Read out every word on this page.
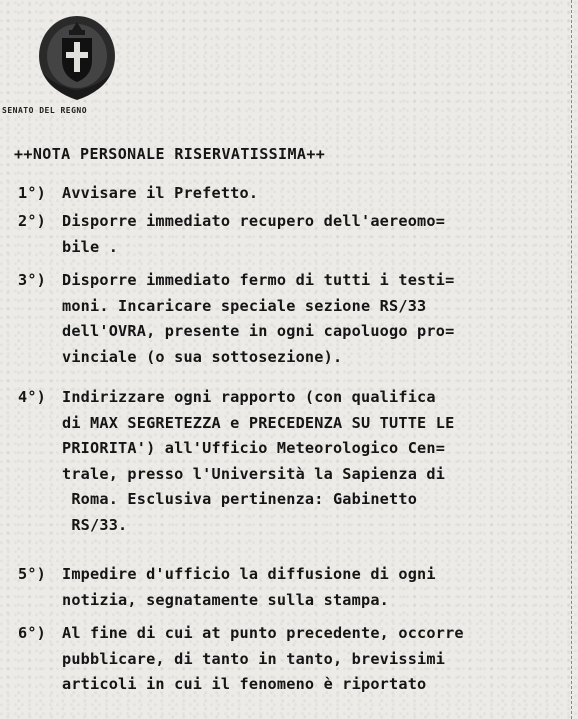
SENATO DEL REGNO
++NOTA PERSONALE RISERVATISSIMA++
1°) Avvisare il Prefetto.
2°) Disporre immediato recupero dell'aereomo=
bile .
3°) Disporre immediato fermo di tutti i testi=
moni. Incaricare speciale sezione RS/33
dell'OVRA, presente in ogni capoluogo pro=
vinciale (o sua sottosezione).
4°) Indirizzare ogni rapporto (con qualifica
di MAX SEGRETEZZA e PRECEDENZA SU TUTTE LE
PRIORITA') all'Ufficio Meteorologico Cen=
trale, presso l'Università la Sapienza di
Roma. Esclusiva pertinenza: Gabinetto
RS/33.
5°) Impedire d'ufficio la diffusione di ogni
notizia, segnatamente sulla stampa.
6°) Al fine di cui at punto precedente, occorre
pubblicare, di tanto in tanto, brevissimi
articoli in cui il fenomeno è riportato
